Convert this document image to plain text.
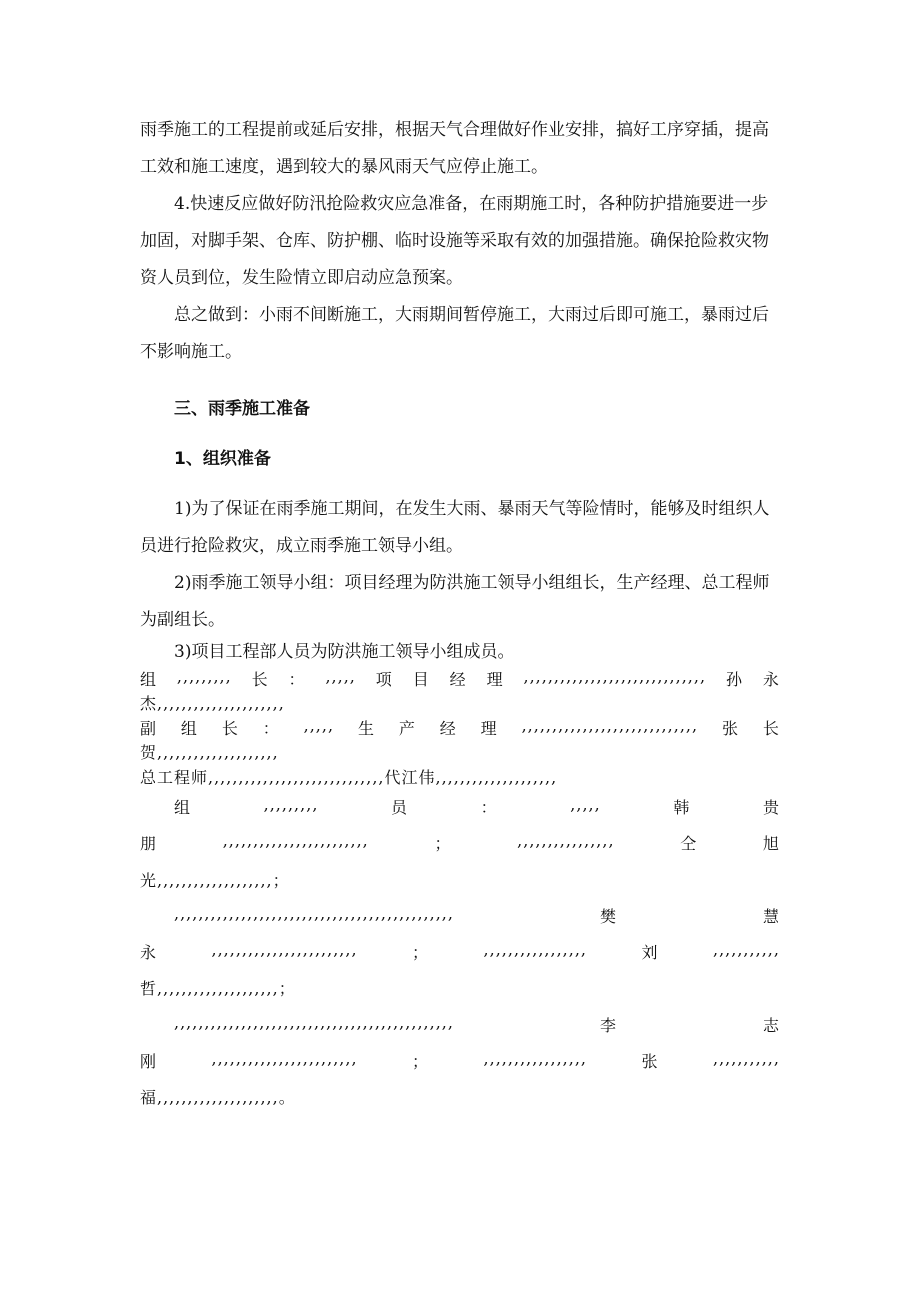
雨季施工的工程提前或延后安排，根据天气合理做好作业安排，搞好工序穿插，提高工效和施工速度，遇到较大的暴风雨天气应停止施工。

4.快速反应做好防汛抢险救灾应急准备，在雨期施工时，各种防护措施要进一步加固，对脚手架、仓库、防护棚、临时设施等采取有效的加强措施。确保抢险救灾物资人员到位，发生险情立即启动应急预案。

总之做到：小雨不间断施工，大雨期间暂停施工，大雨过后即可施工，暴雨过后不影响施工。

三、雨季施工准备
1、组织准备

1)为了保证在雨季施工期间，在发生大雨、暴雨天气等险情时，能够及时组织人员进行抢险救灾，成立雨季施工领导小组。

2)雨季施工领导小组：项目经理为防洪施工领导小组组长，生产经理、总工程师为副组长。

3)项目工程部人员为防洪施工领导小组成员。

组 ,,,,,,,,, 长 ： ,,,,, 项 目 经 理 ,,,,,,,,,,,,,,,,,,,,,,,,,,,,,, 孙 永
杰,,,,,,,,,,,,,,,,,,,,,
副 组 长 ： ,,,,, 生 产 经 理 ,,,,,,,,,,,,,,,,,,,,,,,,,,,,, 张 长
贺,,,,,,,,,,,,,,,,,,,,
总工程师,,,,,,,,,,,,,,,,,,,,,,,,,,,,,代江伟,,,,,,,,,,,,,,,,,,,,
组	,,,,,,,,,	员	：	,,,,,	韩	贵
朋	,,,,,,,,,,,,,,,,,,,,,,,,	；	,,,,,,,,,,,,,,,,	仝	旭
光,,,,,,,,,,,,,,,,,,,；
,,,,,,,,,,,,,,,,,,,,,,,,,,,,,,,,,,,,,,,,,,,,,,	樊	慧
永	,,,,,,,,,,,,,,,,,,,,,,,,	；	,,,,,,,,,,,,,,,,,	刘	,,,,,,,,,,,
哲,,,,,,,,,,,,,,,,,,,,；
,,,,,,,,,,,,,,,,,,,,,,,,,,,,,,,,,,,,,,,,,,,,,,	李	志
刚	,,,,,,,,,,,,,,,,,,,,,,,,	；	,,,,,,,,,,,,,,,,,	张	,,,,,,,,,,,
福,,,,,,,,,,,,,,,,,,,,。
